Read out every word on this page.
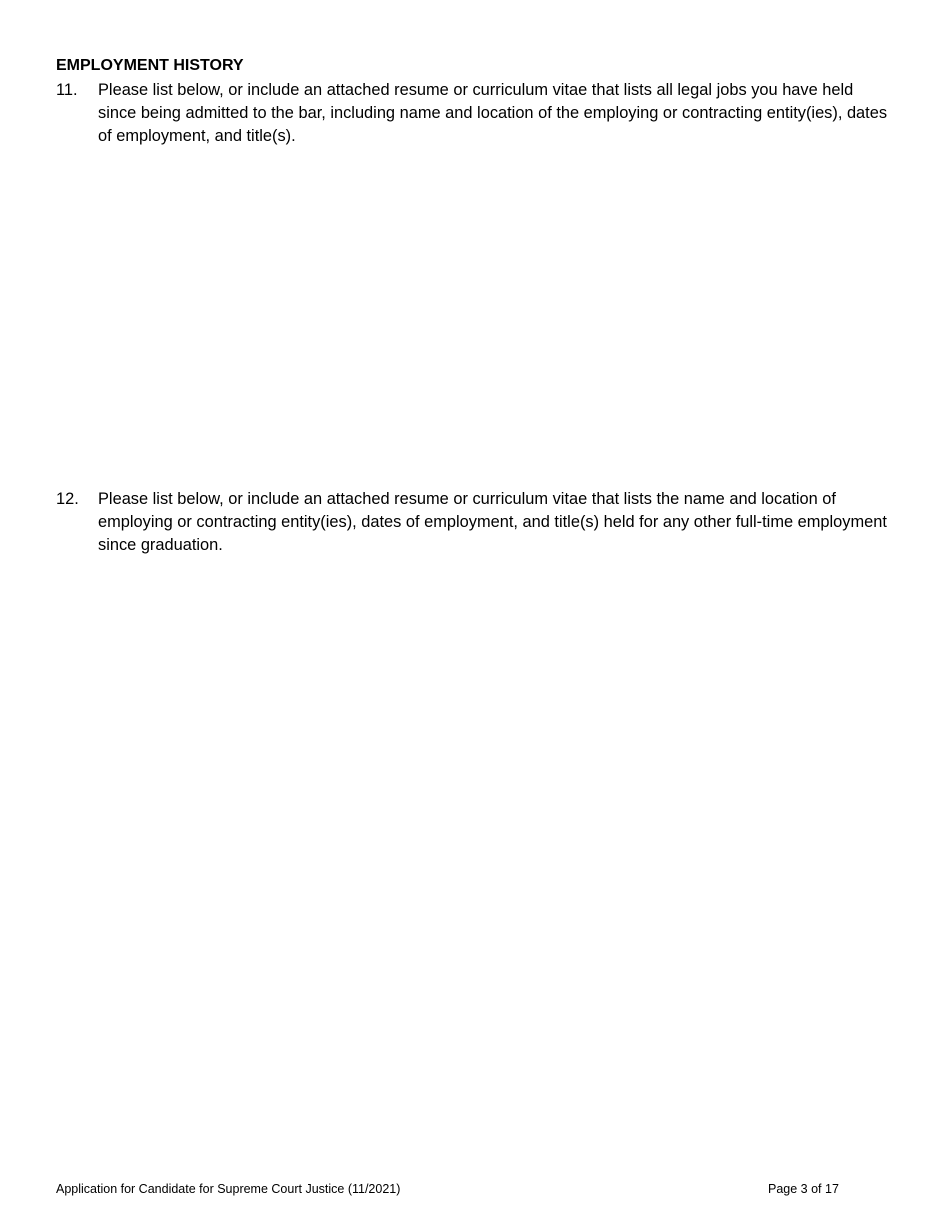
EMPLOYMENT HISTORY
11.	Please list below, or include an attached resume or curriculum vitae that lists all legal jobs you have held since being admitted to the bar, including name and location of the employing or contracting entity(ies), dates of employment, and title(s).
12.	Please list below, or include an attached resume or curriculum vitae that lists the name and location of employing or contracting entity(ies), dates of employment, and title(s) held for any other full-time employment since graduation.
Application for Candidate for Supreme Court Justice (11/2021)	Page 3 of 17
